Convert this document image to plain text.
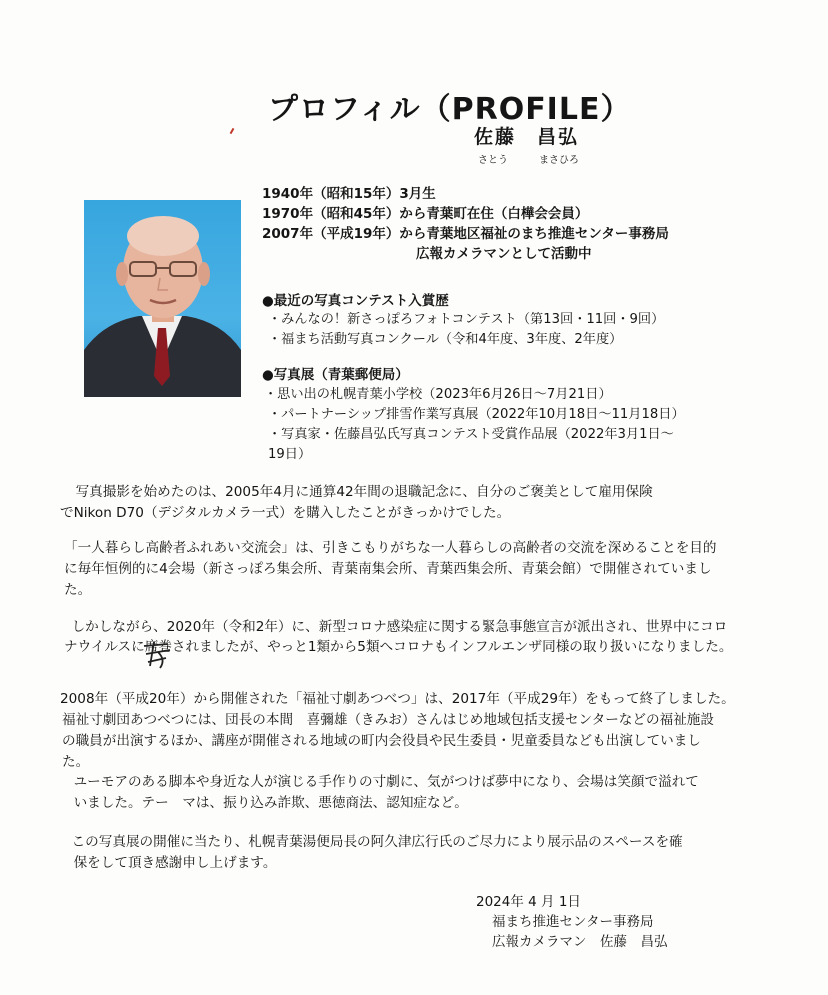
プロフィル（PROFILE）
佐藤　昌弘
さとう	まさひろ
1940年（昭和15年）3月生
1970年（昭和45年）から青葉町在住（白樺会会員）
2007年（平成19年）から青葉地区福祉のまち推進センター事務局
広報カメラマンとして活動中
●最近の写真コンテスト入賞歴
・みんなの！新さっぽろフォトコンテスト（第13回・11回・9回）
・福まち活動写真コンクール（令和4年度、3年度、2年度）
●写真展（青葉郵便局）
・思い出の札幌青葉小学校（2023年6月26日～7月21日）
・パートナーシップ排雪作業写真展（2022年10月18日～11月18日）
・写真家・佐藤昌弘氏写真コンテスト受賞作品展（2022年3月1日～
19日）
　写真撮影を始めたのは、2005年4月に通算42年間の退職記念に、自分のご褒美として雇用保険
でNikon D70（デジタルカメラ一式）を購入したことがきっかけでした。
「一人暮らし高齢者ふれあい交流会」は、引きこもりがちな一人暮らしの高齢者の交流を深めることを目的
に毎年恒例的に4会場（新さっぽろ集会所、青葉南集会所、青葉西集会所、青葉会館）で開催されていまし
た。
　しかしながら、2020年（令和2年）に、新型コロナ感染症に関する緊急事態宣言が派出され、世界中にコロ
ナウイルスに席巻されましたが、やっと1類から5類へコロナもインフルエンザ同様の取り扱いになりました。
2008年（平成20年）から開催された「福祉寸劇あつべつ」は、2017年（平成29年）をもって終了しました。
福祉寸劇団あつべつには、団長の本間　喜彌雄（きみお）さんはじめ地域包括支援センターなどの福祉施設
の職員が出演するほか、講座が開催される地域の町内会役員や民生委員・児童委員なども出演していまし
た。
　ユーモアのある脚本や身近な人が演じる手作りの寸劇に、気がつけば夢中になり、会場は笑顔で溢れて
　いました。テー　マは、振り込み詐欺、悪徳商法、認知症など。
　この写真展の開催に当たり、札幌青葉湯便局長の阿久津広行氏のご尽力により展示品のスペースを確
　保をして頂き感謝申し上げます。
2024年 4 月 1日
福まち推進センター事務局
広報カメラマン　佐藤　昌弘
